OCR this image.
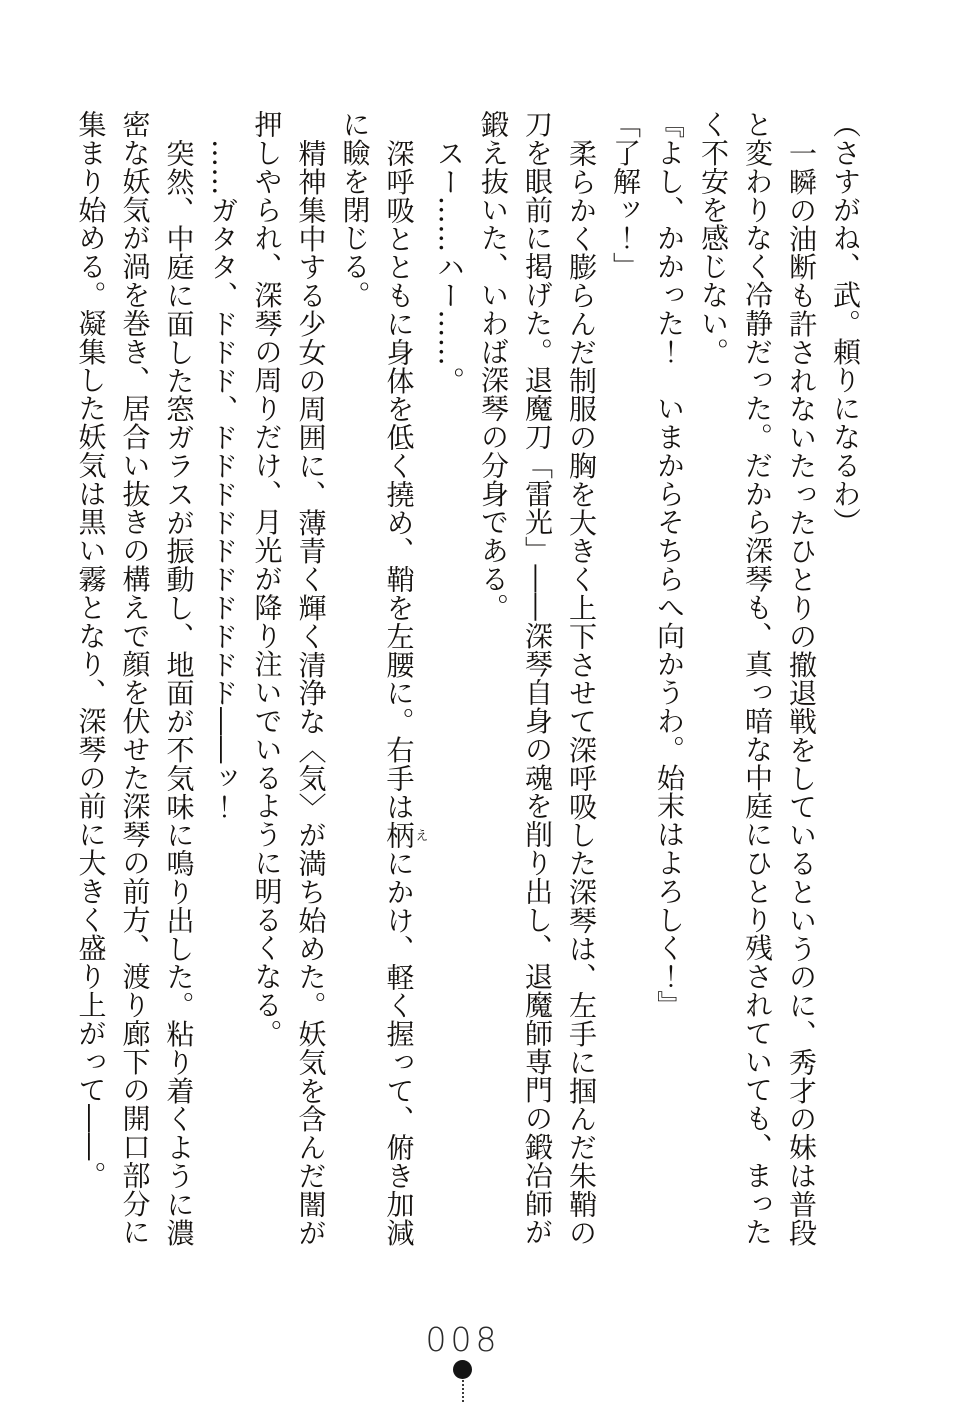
（さすがね、武。頼りになるわ）

一瞬の油断も許されないたったひとりの撤退戦をしているというのに、秀才の妹は普段

と変わりなく冷静だった。だから深琴も、真っ暗な中庭にひとり残されていても、まった

く不安を感じない。

『よし、かかった！　いまからそちらへ向かうわ。始末はよろしく！』

「了解ッ！」

柔らかく膨らんだ制服の胸を大きく上下させて深呼吸した深琴は、左手に掴んだ朱鞘の

刀を眼前に掲げた。退魔刀「雷光」――深琴自身の魂を削り出し、退魔師専門の鍛冶師が

鍛え抜いた、いわば深琴の分身である。

スー……ハー……。

深呼吸とともに身体を低く撓め、鞘を左腰に。右手は柄えにかけ、軽く握って、俯き加減

に瞼を閉じる。

精神集中する少女の周囲に、薄青く輝く清浄な〈気〉が満ち始めた。妖気を含んだ闇が

押しやられ、深琴の周りだけ、月光が降り注いでいるように明るくなる。

……ガタタ、ドドド、ドドドドドドドドドド――ッ！

突然、中庭に面した窓ガラスが振動し、地面が不気味に鳴り出した。粘り着くように濃

密な妖気が渦を巻き、居合い抜きの構えで顔を伏せた深琴の前方、渡り廊下の開口部分に

集まり始める。凝集した妖気は黒い霧となり、深琴の前に大きく盛り上がって――。

008
